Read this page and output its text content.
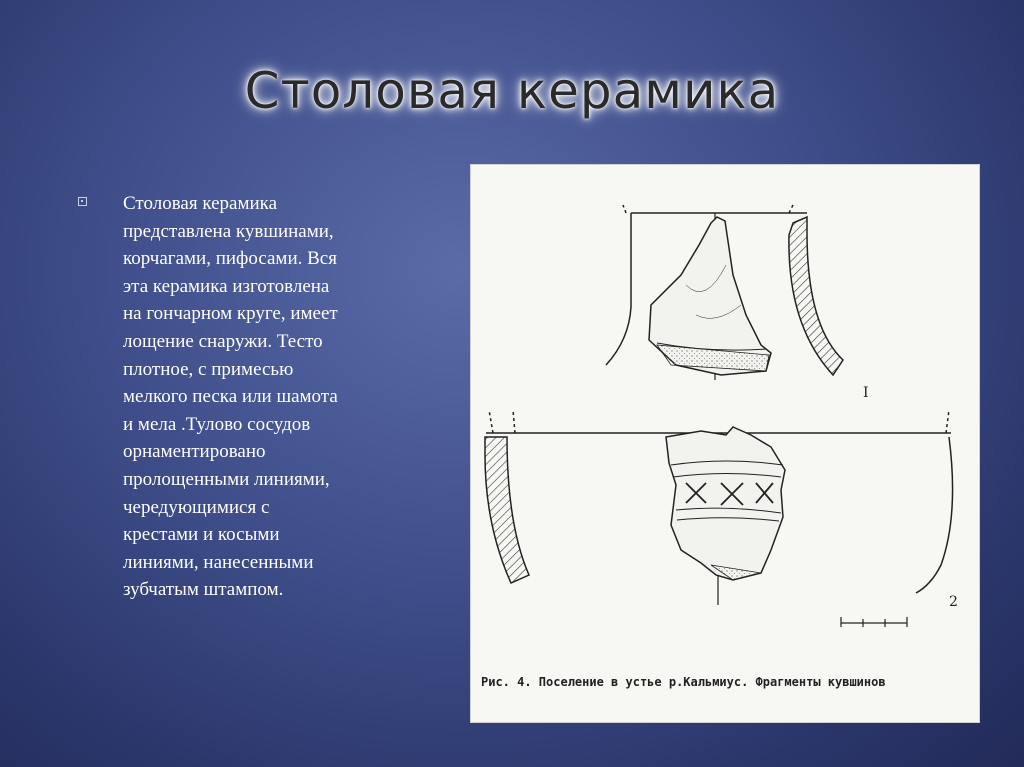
Столовая керамика

Столовая керамика
представлена кувшинами,
корчагами, пифосами. Вся
эта керамика изготовлена
на гончарном круге, имеет
лощение снаружи. Тесто
плотное, с примесью
мелкого песка или шамота
и мела .Тулово сосудов
орнаментировано
пролощенными линиями,
чередующимися с
крестами и косыми
линиями, нанесенными
зубчатым штампом.

I
2
Рис. 4. Поселение в устье р.Кальмиус. Фрагменты кувшинов
